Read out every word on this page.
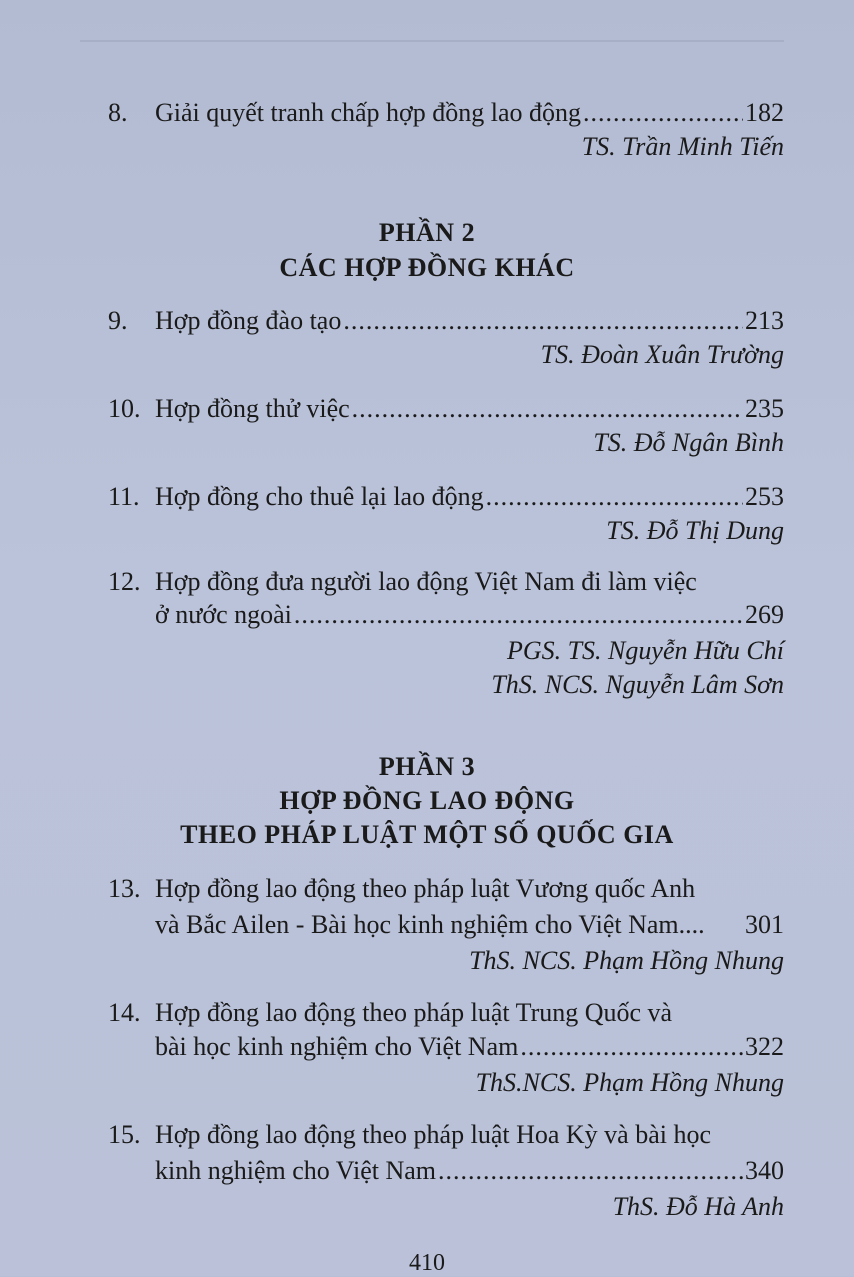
8. Giải quyết tranh chấp hợp đồng lao động .....	182
TS. Trần Minh Tiến
PHẦN 2
CÁC HỢP ĐỒNG KHÁC
9. Hợp đồng đào tạo .....	213
TS. Đoàn Xuân Trường
10. Hợp đồng thử việc .....	235
TS. Đỗ Ngân Bình
11. Hợp đồng cho thuê lại lao động .....	253
TS. Đỗ Thị Dung
12. Hợp đồng đưa người lao động Việt Nam đi làm việc
ở nước ngoài .....	269
PGS. TS. Nguyễn Hữu Chí
ThS. NCS. Nguyễn Lâm Sơn
PHẦN 3
HỢP ĐỒNG LAO ĐỘNG
THEO PHÁP LUẬT MỘT SỐ QUỐC GIA
13. Hợp đồng lao động theo pháp luật Vương quốc Anh
và Bắc Ailen - Bài học kinh nghiệm cho Việt Nam.... 301
ThS. NCS. Phạm Hồng Nhung
14. Hợp đồng lao động theo pháp luật Trung Quốc và
bài học kinh nghiệm cho Việt Nam .....	322
ThS.NCS. Phạm Hồng Nhung
15. Hợp đồng lao động theo pháp luật Hoa Kỳ và bài học
kinh nghiệm cho Việt Nam .....	340
ThS. Đỗ Hà Anh
410
